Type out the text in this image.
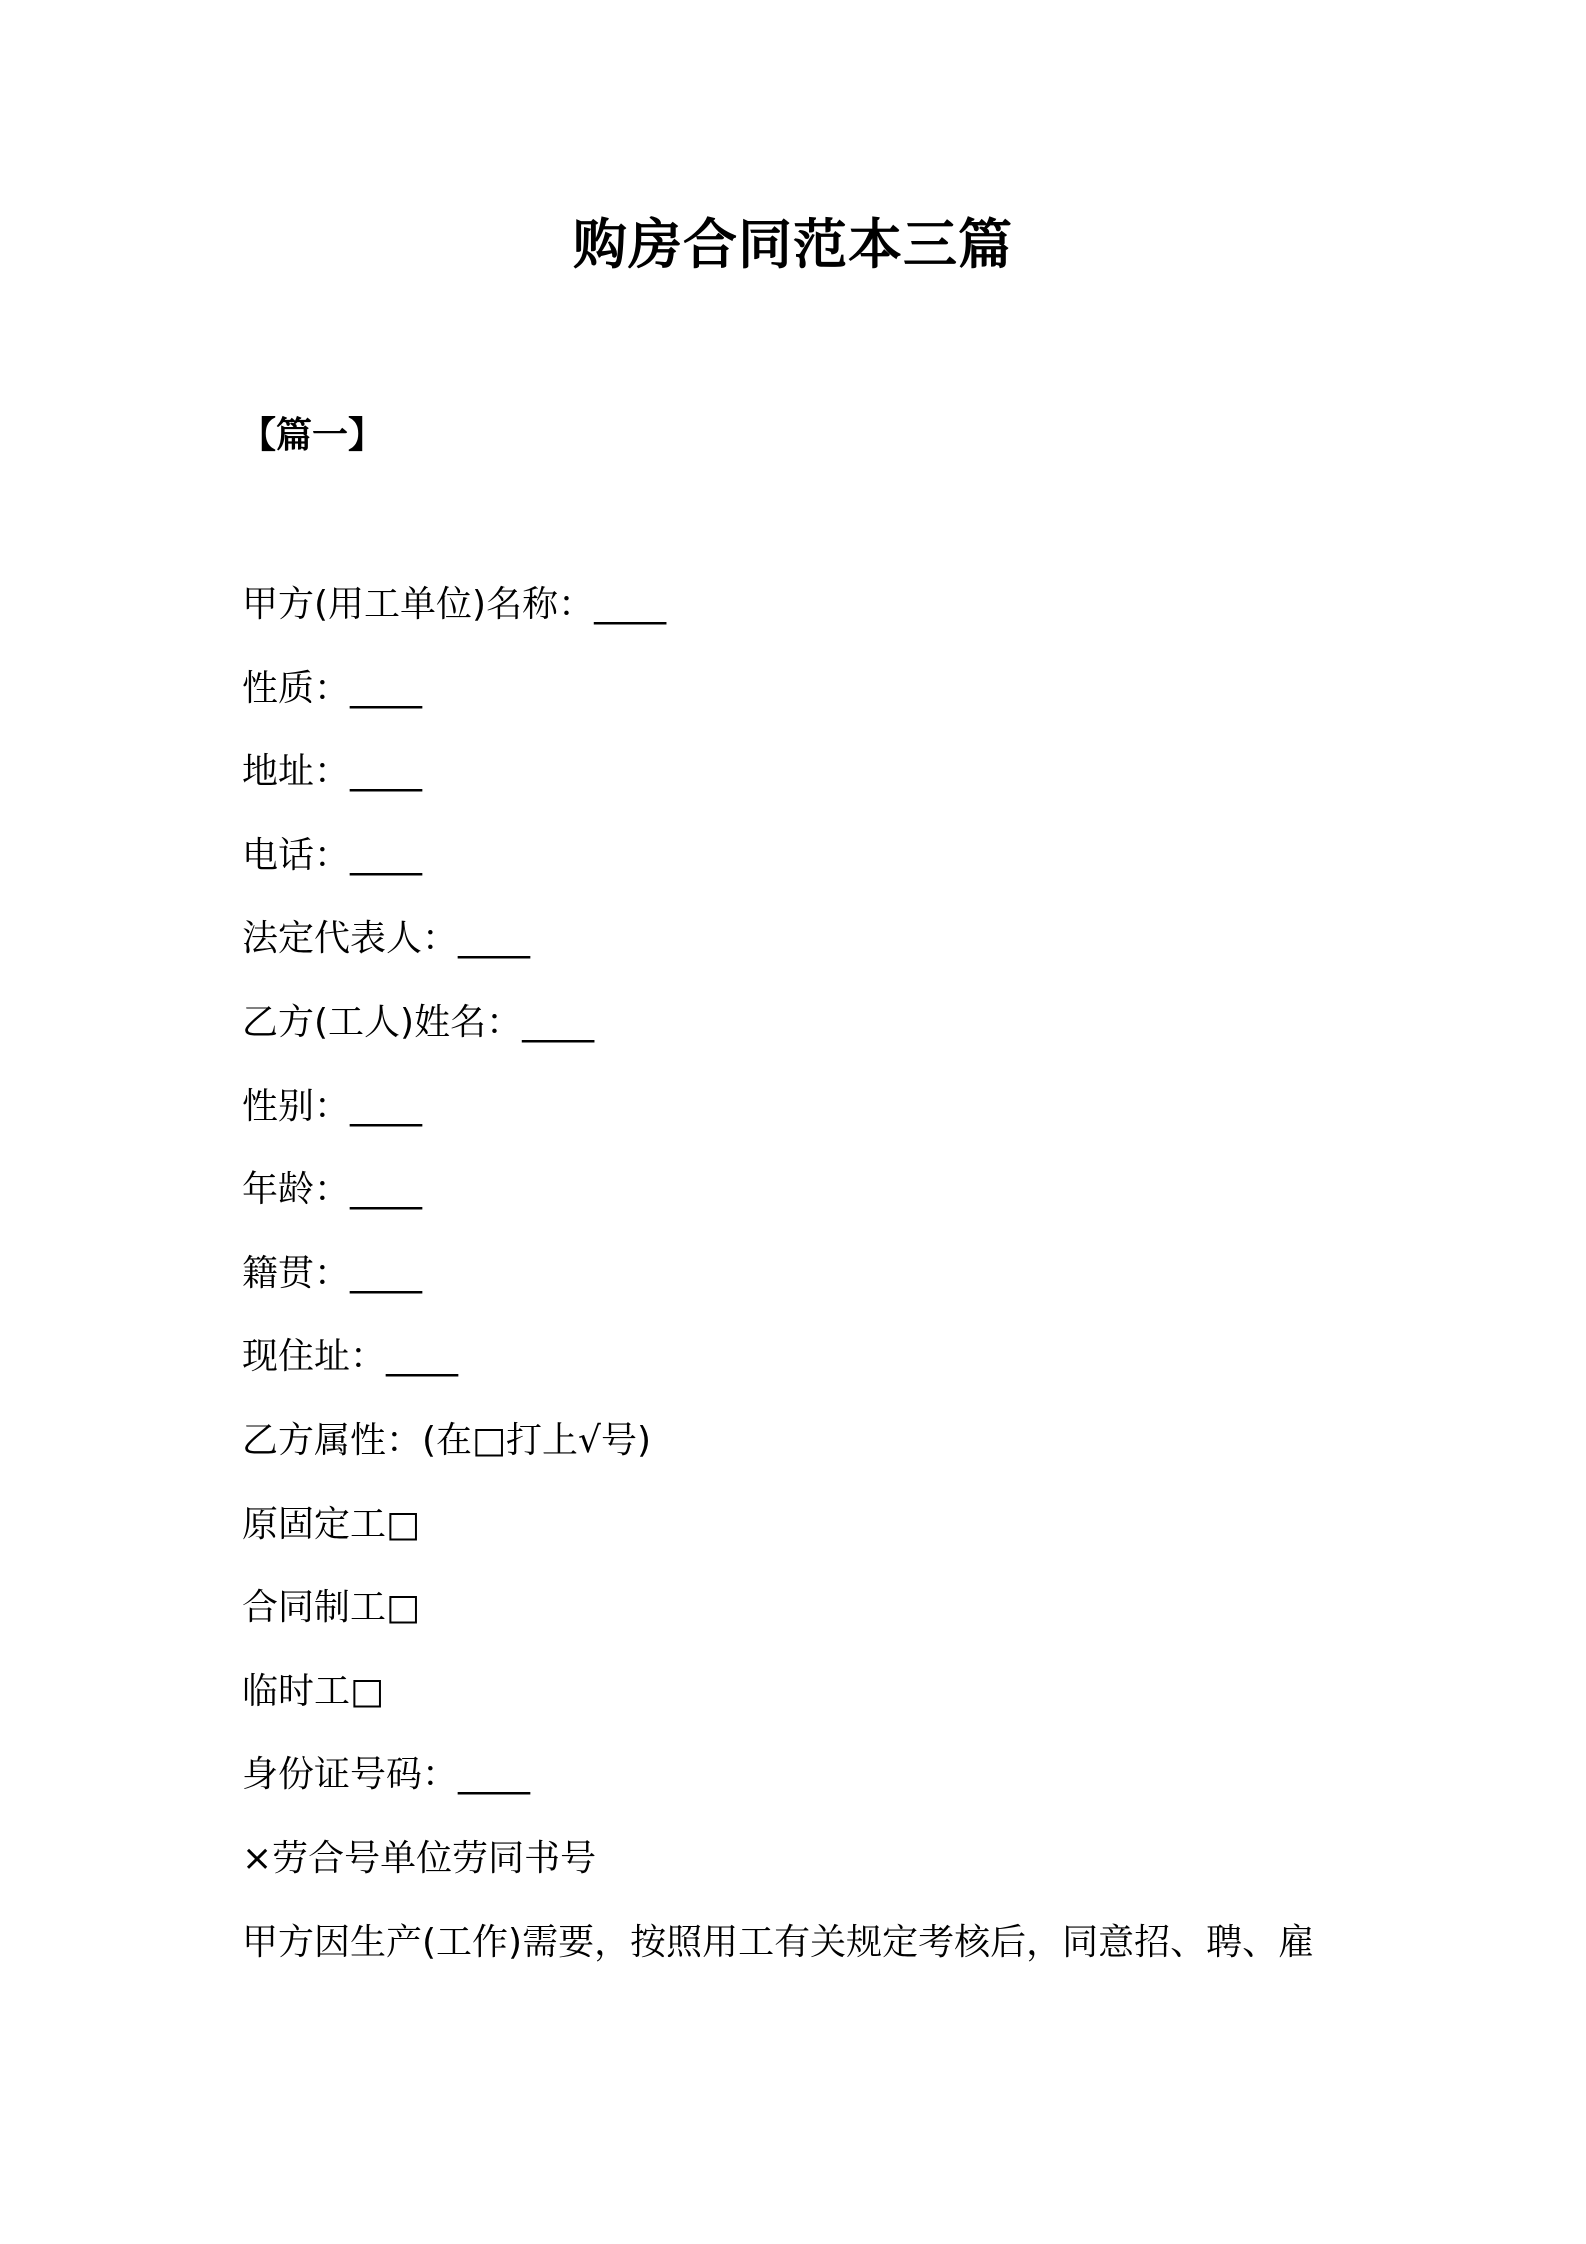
购房合同范本三篇
【篇一】
甲方(用工单位)名称：____
性质：____
地址：____
电话：____
法定代表人：____
乙方(工人)姓名：____
性别：____
年龄：____
籍贯：____
现住址：____
乙方属性：(在□打上√号)
原固定工□
合同制工□
临时工□
身份证号码：____
×劳合号单位劳同书号
甲方因生产(工作)需要，按照用工有关规定考核后，同意招、聘、雇
